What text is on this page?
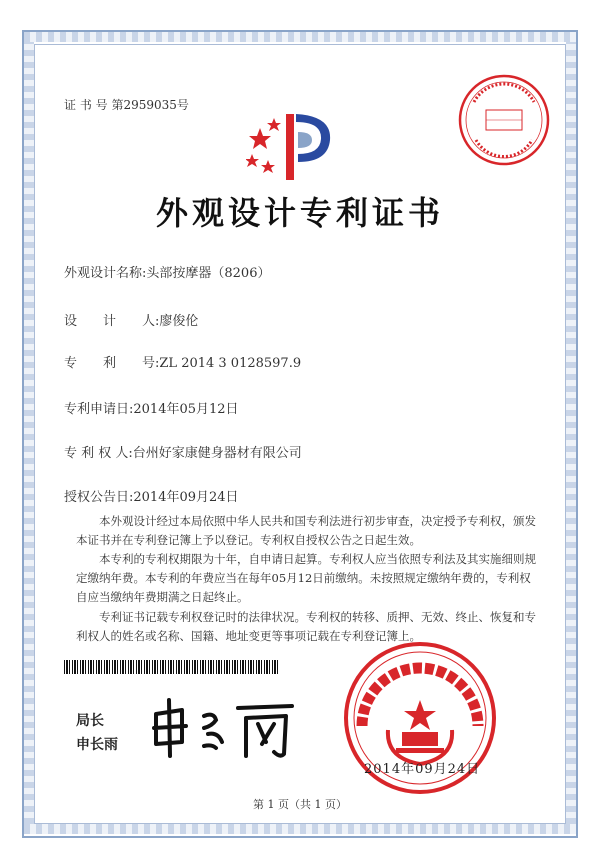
证 书 号 第2959035号
外观设计专利证书
外观设计名称:头部按摩器（8206）
设　　计　　人:廖俊伦
专　　利　　号:ZL 2014 3 0128597.9
专利申请日:2014年05月12日
专 利 权 人:台州好家康健身器材有限公司
授权公告日:2014年09月24日

本外观设计经过本局依照中华人民共和国专利法进行初步审查，决定授予专利权，颁发本证书并在专利登记簿上予以登记。专利权自授权公告之日起生效。

本专利的专利权期限为十年，自申请日起算。专利权人应当依照专利法及其实施细则规定缴纳年费。本专利的年费应当在每年05月12日前缴纳。未按照规定缴纳年费的，专利权自应当缴纳年费期满之日起终止。

专利证书记载专利权登记时的法律状况。专利权的转移、质押、无效、终止、恢复和专利权人的姓名或名称、国籍、地址变更等事项记载在专利登记簿上。

局长
申长雨
2014年09月24日
第 1 页（共 1 页）
